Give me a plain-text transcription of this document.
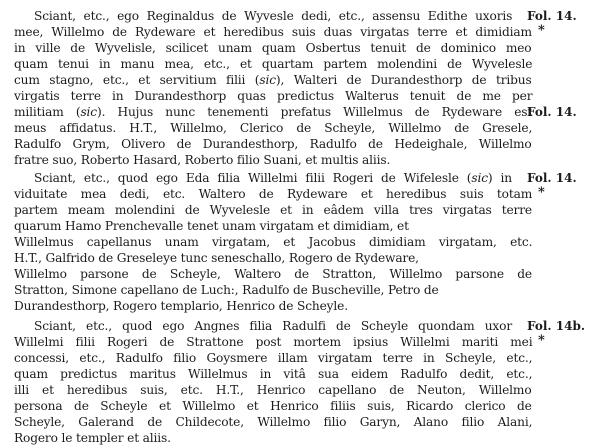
Sciant, etc., ego Reginaldus de Wyvesle dedi, etc., assensu Edithe uxoris
mee, Willelmo de Rydeware et heredibus suis duas virgatas terre et dimidiam
in ville de Wyvelisle, scilicet unam quam Osbertus tenuit de dominico meo
quam tenui in manu mea, etc., et quartam partem molendini de Wyvelesle
cum stagno, etc., et servitium filii (sic), Walteri de Durandesthorp de tribus
virgatis terre in Durandesthorp quas predictus Walterus tenuit de me per
militiam (sic). Hujus nunc tenementi prefatus Willelmus de Rydeware est
meus affidatus. H.T., Willelmo, Clerico de Scheyle, Willelmo de Gresele,
Radulfo Grym, Olivero de Durandesthorp, Radulfo de Hedeighale, Willelmo
fratre suo, Roberto Hasard, Roberto filio Suani, et multis aliis.
Fol. 14.
*
Fol. 14.
Sciant, etc., quod ego Eda filia Willelmi filii Rogeri de Wifelesle (sic) in
viduitate mea dedi, etc. Waltero de Rydeware et heredibus suis totam
partem meam molendini de Wyvelesle et in eâdem villa tres virgatas terre
quarum Hamo Prenchevalle tenet unam virgatam et dimidiam, et
Willelmus capellanus unam virgatam, et Jacobus dimidiam virgatam, etc.
H.T., Galfrido de Greseleye tunc seneschallo, Rogero de Rydeware,
Willelmo parsone de Scheyle, Waltero de Stratton, Willelmo parsone de
Stratton, Simone capellano de Luch:, Radulfo de Buscheville, Petro de
Durandesthorp, Rogero templario, Henrico de Scheyle.
Fol. 14.
*
Sciant, etc., quod ego Angnes filia Radulfi de Scheyle quondam uxor
Willelmi filii Rogeri de Strattone post mortem ipsius Willelmi mariti mei
concessi, etc., Radulfo filio Goysmere illam virgatam terre in Scheyle, etc.,
quam predictus maritus Willelmus in vitâ sua eidem Radulfo dedit, etc.,
illi et heredibus suis, etc. H.T., Henrico capellano de Neuton, Willelmo
persona de Scheyle et Willelmo et Henrico filiis suis, Ricardo clerico de
Scheyle, Galerand de Childecote, Willelmo filio Garyn, Alano filio Alani,
Rogero le templer et aliis.
Fol. 14b.
*
